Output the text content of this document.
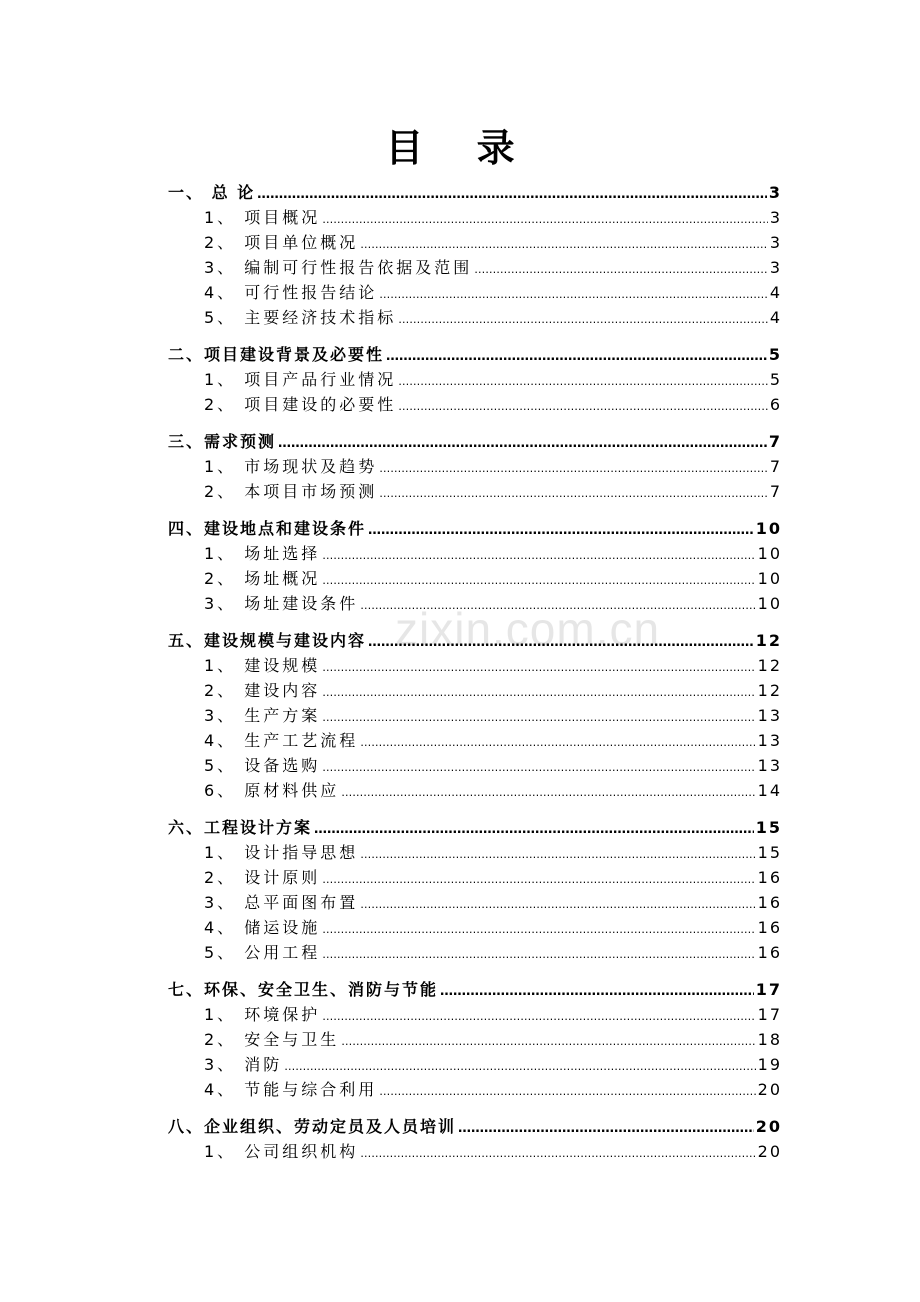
目 录
zixin.com.cn
一、 总 论 …………………………………………………………………………………………………………………………………………………………………………………………………	3
1、 项目概况 …………………………………………………………………………………………………………………………………………………………………………………………………	3
2、 项目单位概况 …………………………………………………………………………………………………………………………………………………………………………………………………	3
3、 编制可行性报告依据及范围 …………………………………………………………………………………………………………………………………………………………………………………………………	3
4、 可行性报告结论 …………………………………………………………………………………………………………………………………………………………………………………………………	4
5、 主要经济技术指标 …………………………………………………………………………………………………………………………………………………………………………………………………	4
二、项目建设背景及必要性 …………………………………………………………………………………………………………………………………………………………………………………………………	5
1、 项目产品行业情况 …………………………………………………………………………………………………………………………………………………………………………………………………	5
2、 项目建设的必要性 …………………………………………………………………………………………………………………………………………………………………………………………………	6
三、需求预测 …………………………………………………………………………………………………………………………………………………………………………………………………	7
1、 市场现状及趋势 …………………………………………………………………………………………………………………………………………………………………………………………………	7
2、 本项目市场预测 …………………………………………………………………………………………………………………………………………………………………………………………………	7
四、建设地点和建设条件 …………………………………………………………………………………………………………………………………………………………………………………………………	10
1、 场址选择 …………………………………………………………………………………………………………………………………………………………………………………………………	10
2、 场址概况 …………………………………………………………………………………………………………………………………………………………………………………………………	10
3、 场址建设条件 …………………………………………………………………………………………………………………………………………………………………………………………………	10
五、建设规模与建设内容 …………………………………………………………………………………………………………………………………………………………………………………………………	12
1、 建设规模 …………………………………………………………………………………………………………………………………………………………………………………………………	12
2、 建设内容 …………………………………………………………………………………………………………………………………………………………………………………………………	12
3、 生产方案 …………………………………………………………………………………………………………………………………………………………………………………………………	13
4、 生产工艺流程 …………………………………………………………………………………………………………………………………………………………………………………………………	13
5、 设备选购 …………………………………………………………………………………………………………………………………………………………………………………………………	13
6、 原材料供应 …………………………………………………………………………………………………………………………………………………………………………………………………	14
六、工程设计方案 …………………………………………………………………………………………………………………………………………………………………………………………………	15
1、 设计指导思想 …………………………………………………………………………………………………………………………………………………………………………………………………	15
2、 设计原则 …………………………………………………………………………………………………………………………………………………………………………………………………	16
3、 总平面图布置 …………………………………………………………………………………………………………………………………………………………………………………………………	16
4、 储运设施 …………………………………………………………………………………………………………………………………………………………………………………………………	16
5、 公用工程 …………………………………………………………………………………………………………………………………………………………………………………………………	16
七、环保、安全卫生、消防与节能 …………………………………………………………………………………………………………………………………………………………………………………………………	17
1、 环境保护 …………………………………………………………………………………………………………………………………………………………………………………………………	17
2、 安全与卫生 …………………………………………………………………………………………………………………………………………………………………………………………………	18
3、 消防 …………………………………………………………………………………………………………………………………………………………………………………………………	19
4、 节能与综合利用 …………………………………………………………………………………………………………………………………………………………………………………………………	20
八、企业组织、劳动定员及人员培训 …………………………………………………………………………………………………………………………………………………………………………………………………	20
1、 公司组织机构 …………………………………………………………………………………………………………………………………………………………………………………………………	20
